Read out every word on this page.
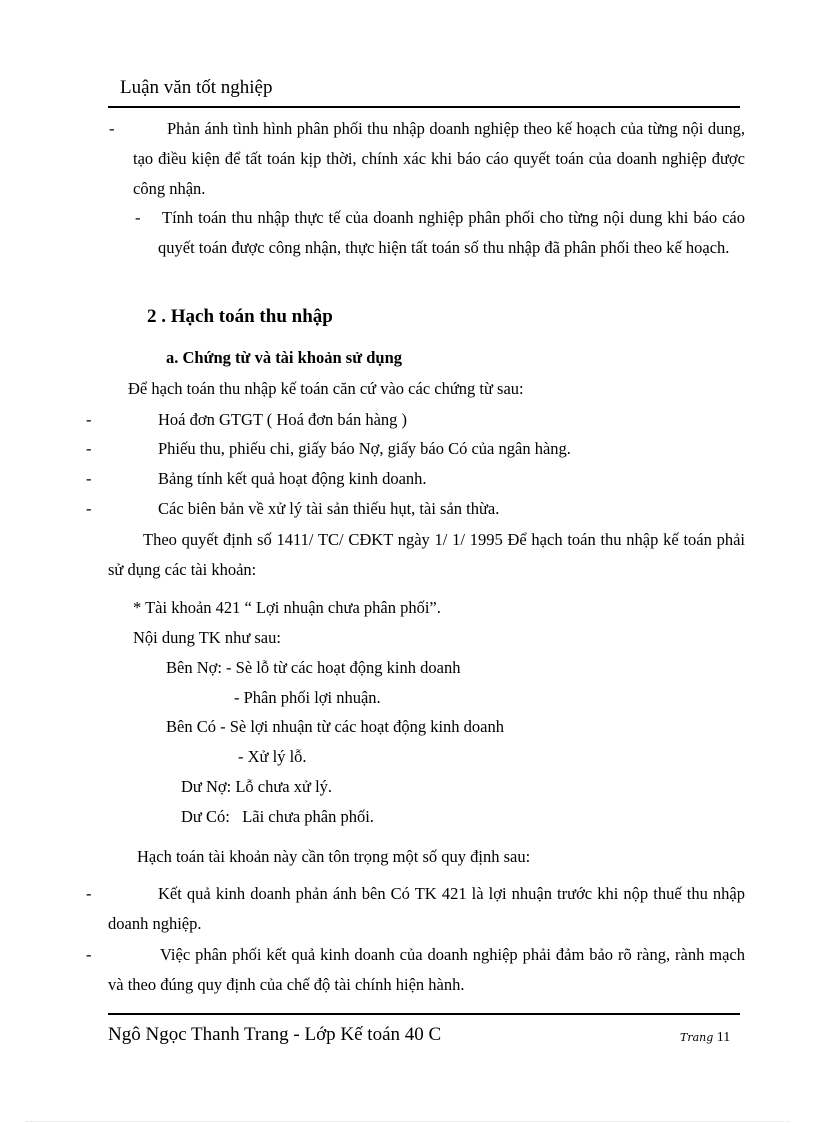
Luận văn tốt nghiệp
-	Phản ánh tình hình phân phối thu nhập doanh nghiệp theo kế hoạch của từng nội dung, tạo điều kiện để tất toán kịp thời, chính xác khi báo cáo quyết toán của doanh nghiệp được công nhận.
- Tính toán thu nhập thực tế của doanh nghiệp phân phối cho từng nội dung khi báo cáo quyết toán được công nhận, thực hiện tất toán số thu nhập đã phân phối theo kế hoạch.
2 . Hạch toán thu nhập
a. Chứng từ và tài khoản sử dụng
Để hạch toán thu nhập kế toán căn cứ vào các chứng từ sau:
-	Hoá đơn GTGT ( Hoá đơn bán hàng )
-	Phiếu thu, phiếu chi, giấy báo Nợ, giấy báo Có của ngân hàng.
-	Bảng tính kết quả hoạt động kinh doanh.
-	Các biên bản về xử lý tài sản thiếu hụt, tài sản thừa.
Theo quyết định số 1411/ TC/ CĐKT ngày 1/ 1/ 1995 Để hạch toán thu nhập kế toán phải sử dụng các tài khoản:
* Tài khoản 421 “ Lợi nhuận chưa phân phối”.
Nội dung TK như sau:
Bên Nợ: - Sè lỗ từ các hoạt động kinh doanh
- Phân phối lợi nhuận.
Bên Có - Sè lợi nhuận từ các hoạt động kinh doanh
- Xử lý lỗ.
Dư Nợ: Lỗ chưa xử lý.
Dư Có:   Lãi chưa phân phối.
Hạch toán tài khoản này cần tôn trọng một số quy định sau:
-	Kết quả kinh doanh phản ánh bên Có TK 421 là lợi nhuận trước khi nộp thuế thu nhập doanh nghiệp.
-	Việc phân phối kết quả kinh doanh của doanh nghiệp phải đảm bảo rõ ràng, rành mạch và theo đúng quy định của chế độ tài chính hiện hành.
Ngô Ngọc Thanh Trang - Lớp Kế toán 40 C	Trang 11
